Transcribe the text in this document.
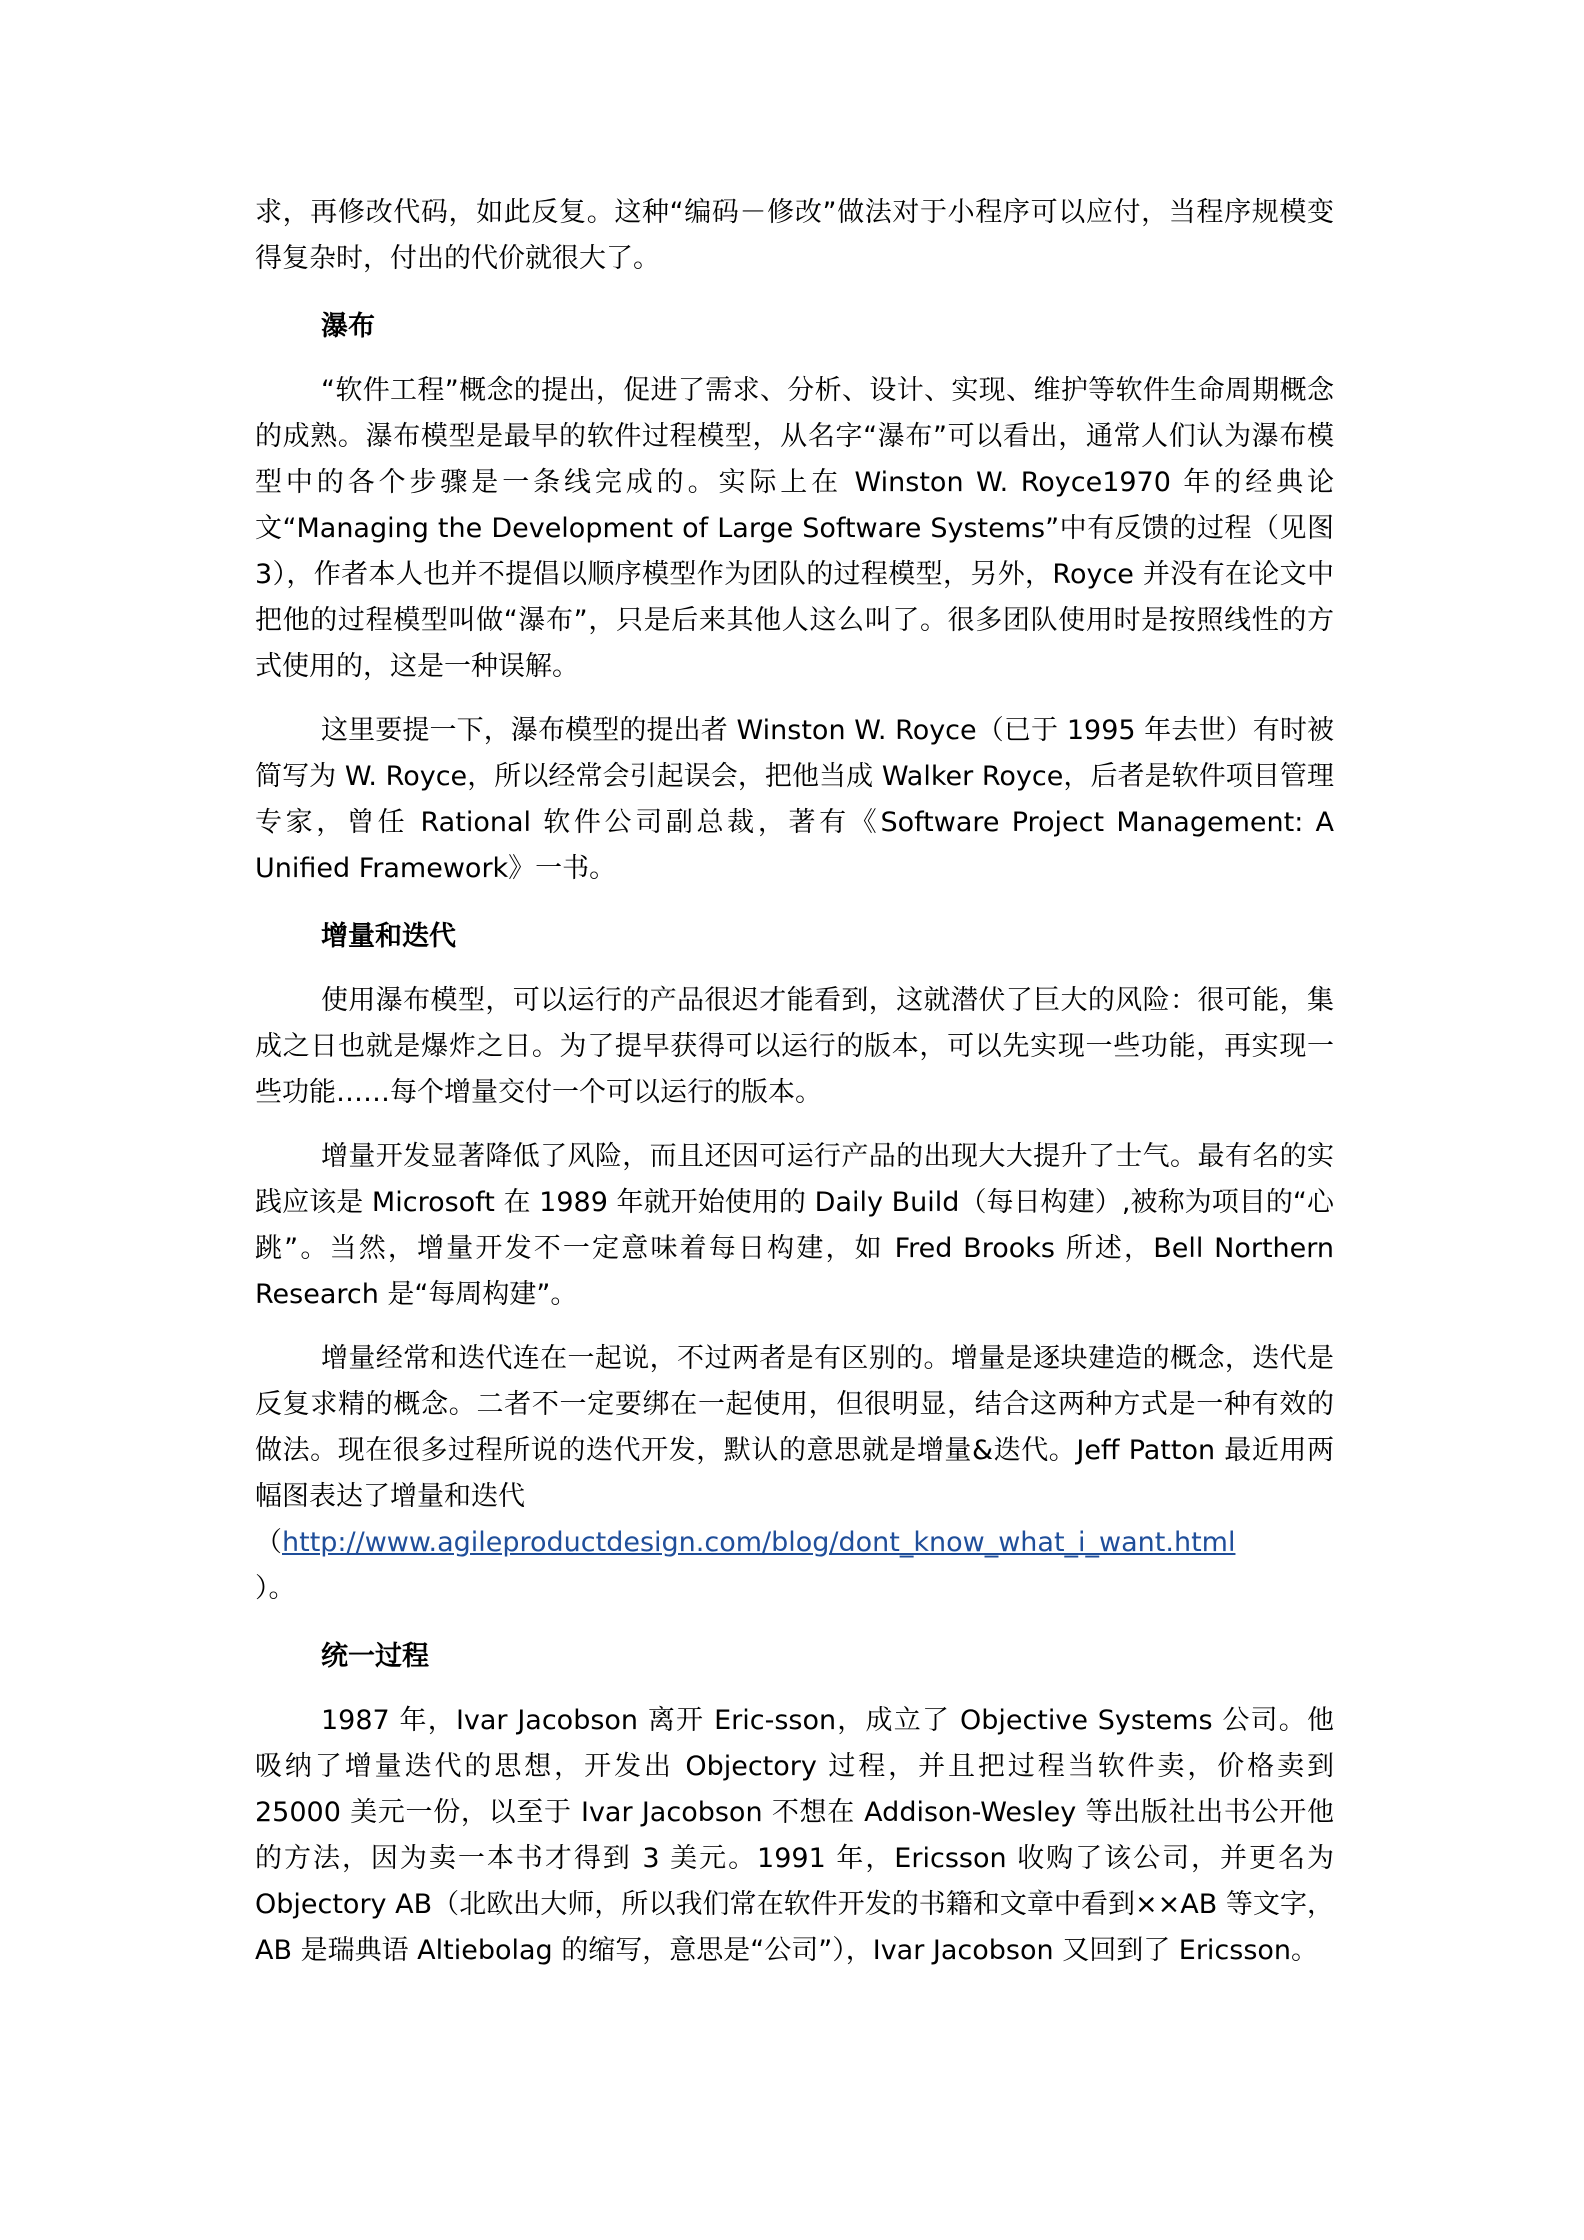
求，再修改代码，如此反复。这种“编码－修改”做法对于小程序可以应付，当程序规模变得复杂时，付出的代价就很大了。

瀑布

“软件工程”概念的提出，促进了需求、分析、设计、实现、维护等软件生命周期概念的成熟。瀑布模型是最早的软件过程模型，从名字“瀑布”可以看出，通常人们认为瀑布模型中的各个步骤是一条线完成的。实际上在 Winston W. Royce1970 年的经典论文“Managing the Development of Large Software Systems”中有反馈的过程（见图 3），作者本人也并不提倡以顺序模型作为团队的过程模型，另外，Royce 并没有在论文中把他的过程模型叫做“瀑布”，只是后来其他人这么叫了。很多团队使用时是按照线性的方式使用的，这是一种误解。

这里要提一下，瀑布模型的提出者 Winston W. Royce（已于 1995 年去世）有时被简写为 W. Royce，所以经常会引起误会，把他当成 Walker Royce，后者是软件项目管理专家，曾任 Rational 软件公司副总裁，著有《Software Project Management: A Unified Framework》一书。

增量和迭代

使用瀑布模型，可以运行的产品很迟才能看到，这就潜伏了巨大的风险：很可能，集成之日也就是爆炸之日。为了提早获得可以运行的版本，可以先实现一些功能，再实现一些功能……每个增量交付一个可以运行的版本。

增量开发显著降低了风险，而且还因可运行产品的出现大大提升了士气。最有名的实践应该是 Microsoft 在 1989 年就开始使用的 Daily Build（每日构建）,被称为项目的“心跳”。当然，增量开发不一定意味着每日构建，如 Fred Brooks 所述，Bell Northern Research 是“每周构建”。

增量经常和迭代连在一起说，不过两者是有区别的。增量是逐块建造的概念，迭代是反复求精的概念。二者不一定要绑在一起使用，但很明显，结合这两种方式是一种有效的做法。现在很多过程所说的迭代开发，默认的意思就是增量&迭代。Jeff Patton 最近用两幅图表达了增量和迭代
（http://www.agileproductdesign.com/blog/dont_know_what_i_want.html
）。

统一过程

1987 年，Ivar Jacobson 离开 Eric-sson，成立了 Objective Systems 公司。他吸纳了增量迭代的思想，开发出 Objectory 过程，并且把过程当软件卖，价格卖到 25000 美元一份，以至于 Ivar Jacobson 不想在 Addison-Wesley 等出版社出书公开他的方法，因为卖一本书才得到 3 美元。1991 年，Ericsson 收购了该公司，并更名为 Objectory AB（北欧出大师，所以我们常在软件开发的书籍和文章中看到××AB 等文字，AB 是瑞典语 Altiebolag 的缩写，意思是“公司”），Ivar Jacobson 又回到了 Ericsson。
